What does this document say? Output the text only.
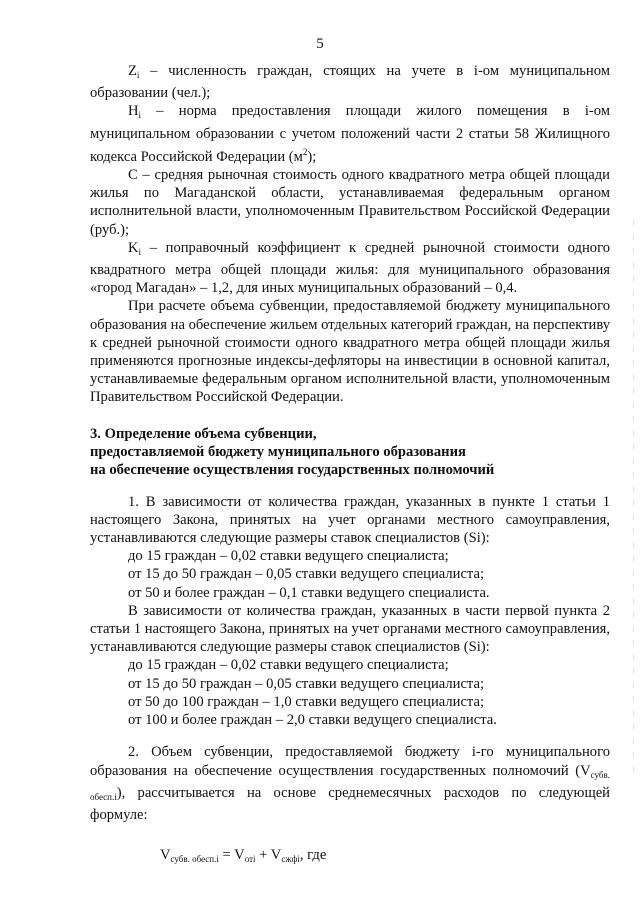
5

$Z_i$ – численность граждан, стоящих на учете в i-ом муниципальном образовании (чел.);

$H_i$ – норма предоставления площади жилого помещения в i-ом муниципальном образовании с учетом положений части 2 статьи 58 Жилищного кодекса Российской Федерации $(м^2)$;

C – средняя рыночная стоимость одного квадратного метра общей площади жилья по Магаданской области, устанавливаемая федеральным органом исполнительной власти, уполномоченным Правительством Российской Федерации (руб.);

$K_i$ – поправочный коэффициент к средней рыночной стоимости одного квадратного метра общей площади жилья: для муниципального образования «город Магадан» – 1,2, для иных муниципальных образований – 0,4.

При расчете объема субвенции, предоставляемой бюджету муниципального образования на обеспечение жильем отдельных категорий граждан, на перспективу к средней рыночной стоимости одного квадратного метра общей площади жилья применяются прогнозные индексы-дефляторы на инвестиции в основной капитал, устанавливаемые федеральным органом исполнительной власти, уполномоченным Правительством Российской Федерации.

3. Определение объема субвенции,
предоставляемой бюджету муниципального образования
на обеспечение осуществления государственных полномочий

1. В зависимости от количества граждан, указанных в пункте 1 статьи 1 настоящего Закона, принятых на учет органами местного самоуправления, устанавливаются следующие размеры ставок специалистов (Si):

до 15 граждан – 0,02 ставки ведущего специалиста;

от 15 до 50 граждан – 0,05 ставки ведущего специалиста;

от 50 и более граждан – 0,1 ставки ведущего специалиста.

В зависимости от количества граждан, указанных в части первой пункта 2 статьи 1 настоящего Закона, принятых на учет органами местного самоуправления, устанавливаются следующие размеры ставок специалистов (Si):

до 15 граждан – 0,02 ставки ведущего специалиста;

от 15 до 50 граждан – 0,05 ставки ведущего специалиста;

от 50 до 100 граждан – 1,0 ставки ведущего специалиста;

от 100 и более граждан – 2,0 ставки ведущего специалиста.

2. Объем субвенции, предоставляемой бюджету i-го муниципального образования на обеспечение осуществления государственных полномочий $(V_{субв. обесп.i})$, рассчитывается на основе среднемесячных расходов по следующей формуле:

$V_{субв. обесп.i} = V_{отi} + V_{сжфi}$, где
